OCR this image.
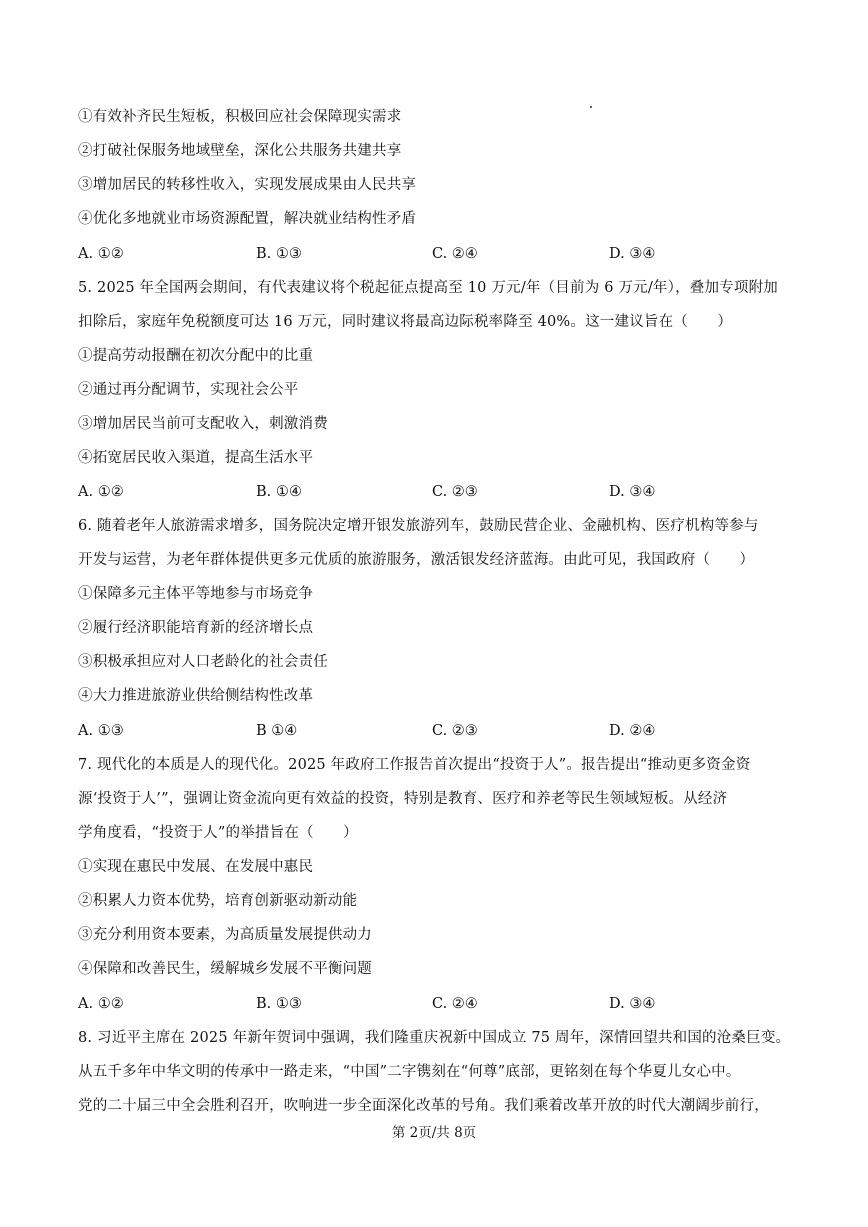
①有效补齐民生短板，积极回应社会保障现实需求
②打破社保服务地域壁垒，深化公共服务共建共享
③增加居民的转移性收入，实现发展成果由人民共享
④优化多地就业市场资源配置，解决就业结构性矛盾
A. ①②	B. ①③	C. ②④	D. ③④
5. 2025 年全国两会期间，有代表建议将个税起征点提高至 10 万元/年（目前为 6 万元/年），叠加专项附加
扣除后，家庭年免税额度可达 16 万元，同时建议将最高边际税率降至 40%。这一建议旨在（　　）
①提高劳动报酬在初次分配中的比重
②通过再分配调节，实现社会公平
③增加居民当前可支配收入，刺激消费
④拓宽居民收入渠道，提高生活水平
A. ①②	B. ①④	C. ②③	D. ③④
6. 随着老年人旅游需求增多，国务院决定增开银发旅游列车，鼓励民营企业、金融机构、医疗机构等参与
开发与运营，为老年群体提供更多元优质的旅游服务，激活银发经济蓝海。由此可见，我国政府（　　）
①保障多元主体平等地参与市场竞争
②履行经济职能培育新的经济增长点
③积极承担应对人口老龄化的社会责任
④大力推进旅游业供给侧结构性改革
A. ①③	B ①④	C. ②③	D. ②④
7. 现代化的本质是人的现代化。2025 年政府工作报告首次提出“投资于人”。报告提出“推动更多资金资
源‘投资于人’”，强调让资金流向更有效益的投资，特别是教育、医疗和养老等民生领域短板。从经济
学角度看，“投资于人”的举措旨在（　　）
①实现在惠民中发展、在发展中惠民
②积累人力资本优势，培育创新驱动新动能
③充分利用资本要素，为高质量发展提供动力
④保障和改善民生，缓解城乡发展不平衡问题
A. ①②	B. ①③	C. ②④	D. ③④
8. 习近平主席在 2025 年新年贺词中强调，我们隆重庆祝新中国成立 75 周年，深情回望共和国的沧桑巨变。
从五千多年中华文明的传承中一路走来，“中国”二字镌刻在“何尊”底部，更铭刻在每个华夏儿女心中。
党的二十届三中全会胜利召开，吹响进一步全面深化改革的号角。我们乘着改革开放的时代大潮阔步前行，
第 2页/共 8页
